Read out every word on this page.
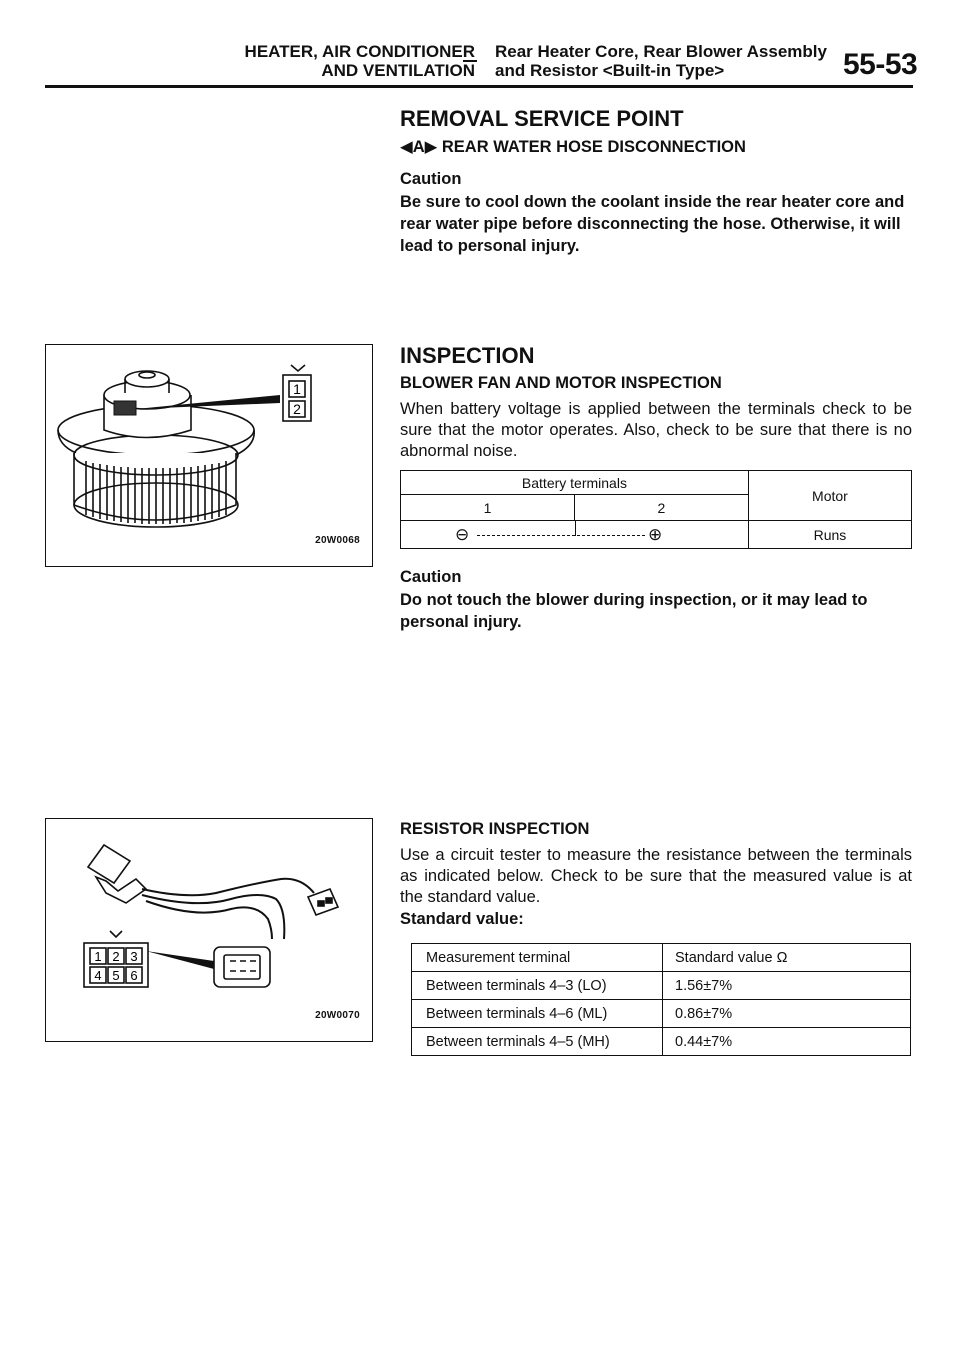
HEATER, AIR CONDITIONER
AND VENTILATION
Rear Heater Core, Rear Blower Assembly
and Resistor <Built-in Type>	55-53
REMOVAL SERVICE POINT
◀A▶ REAR WATER HOSE DISCONNECTION
Caution
Be sure to cool down the coolant inside the rear heater core and rear water pipe before disconnecting the hose. Otherwise, it will lead to personal injury.
INSPECTION
BLOWER FAN AND MOTOR INSPECTION
When battery voltage is applied between the terminals check to be sure that the motor operates. Also, check to be sure that there is no abnormal noise.
Battery terminals		Motor
1	2	

⊖ ⊕		Runs
Caution
Do not touch the blower during inspection, or it may lead to personal injury.
RESISTOR INSPECTION
Use a circuit tester to measure the resistance between the terminals as indicated below. Check to be sure that the measured value is at the standard value.
Standard value:
Measurement terminal	Standard value Ω
Between terminals 4–3 (LO)	1.56±7%
Between terminals 4–6 (ML)	0.86±7%
Between terminals 4–5 (MH)	0.44±7%
1
2
20W0068
1 2 3
4 5 6
20W0070
